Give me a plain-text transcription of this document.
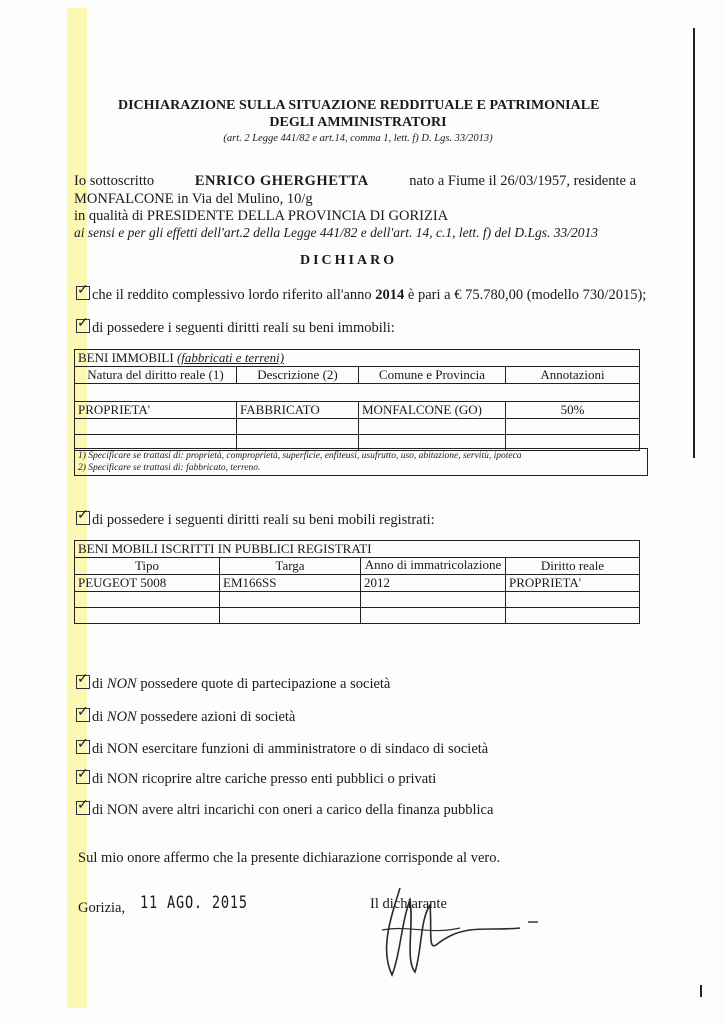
DICHIARAZIONE SULLA SITUAZIONE REDDITUALE E PATRIMONIALE
DEGLI AMMINISTRATORI
(art. 2 Legge 441/82 e art.14, comma 1, lett. f) D. Lgs. 33/2013)
Io sottoscritto	ENRICO GHERGHETTA	nato a Fiume il 26/03/1957, residente a
MONFALCONE in Via del Mulino, 10/g
in qualità di PRESIDENTE DELLA PROVINCIA DI GORIZIA
ai sensi e per gli effetti dell'art.2 della Legge 441/82 e dell'art. 14, c.1, lett. f) del D.Lgs. 33/2013
DICHIARO
✓che il reddito complessivo lordo riferito all'anno 2014 è pari a € 75.780,00 (modello 730/2015);
✓di possedere i seguenti diritti reali su beni immobili:
BENI IMMOBILI (fabbricati e terreni)			
Natura del diritto reale (1)	Descrizione (2)	Comune e Provincia	Annotazioni

PROPRIETA'	FABBRICATO	MONFALCONE (GO)	50%

1) Specificare se trattasi di: proprietà, comproprietà, superficie, enfiteusi, usufrutto, uso, abitazione, servitù, ipoteca
2) Specificare se trattasi di: fabbricato, terreno.
✓di possedere i seguenti diritti reali su beni mobili registrati:
BENI MOBILI ISCRITTI IN PUBBLICI REGISTRATI			
Tipo	Targa	Anno di immatricolazione	Diritto reale
PEUGEOT 5008	EM166SS	2012	PROPRIETA'

✓di NON possedere quote di partecipazione a società
✓di NON possedere azioni di società
✓di NON esercitare funzioni di amministratore o di sindaco di società
✓di NON ricoprire altre cariche presso enti pubblici o privati
✓di NON avere altri incarichi con oneri a carico della finanza pubblica
Sul mio onore affermo che la presente dichiarazione corrisponde al vero.
Gorizia, 11 AGO. 2015	Il dichiarante
